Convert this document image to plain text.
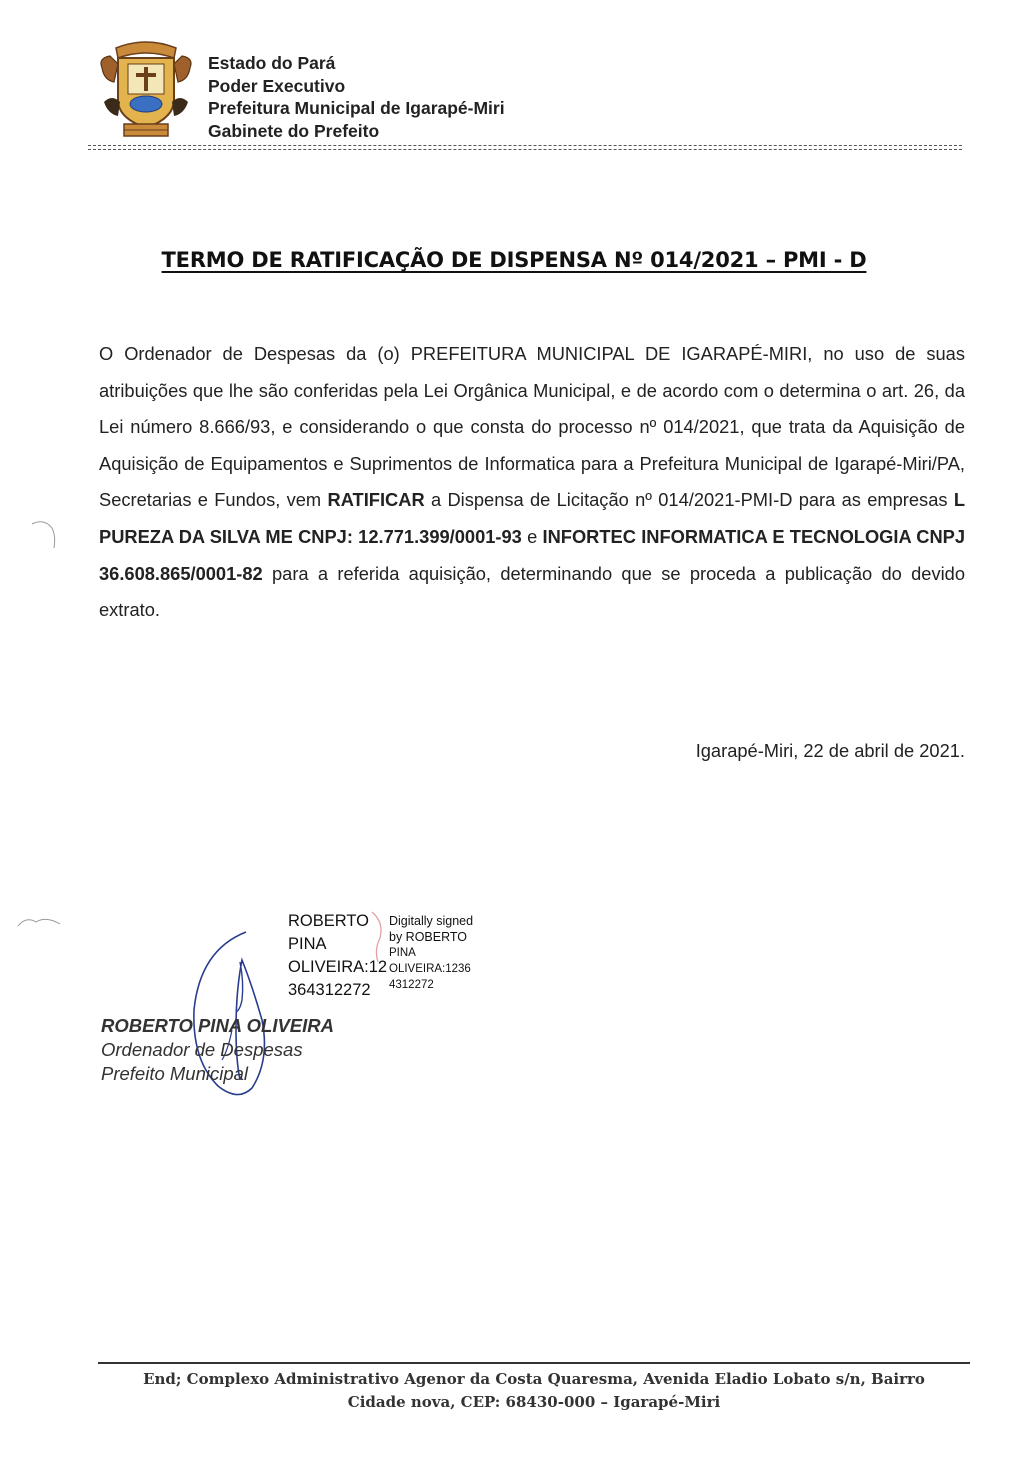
Estado do Pará
Poder Executivo
Prefeitura Municipal de Igarapé-Miri
Gabinete do Prefeito
TERMO DE RATIFICAÇÃO DE DISPENSA Nº 014/2021 – PMI - D
O Ordenador de Despesas da (o) PREFEITURA MUNICIPAL DE IGARAPÉ-MIRI, no uso de suas atribuições que lhe são conferidas pela Lei Orgânica Municipal, e de acordo com o determina o art. 26, da Lei número 8.666/93, e considerando o que consta do processo nº 014/2021, que trata da Aquisição de Aquisição de Equipamentos e Suprimentos de Informatica para a Prefeitura Municipal de Igarapé-Miri/PA, Secretarias e Fundos, vem RATIFICAR a Dispensa de Licitação nº 014/2021-PMI-D para as empresas L PUREZA DA SILVA ME CNPJ: 12.771.399/0001-93 e INFORTEC INFORMATICA E TECNOLOGIA CNPJ 36.608.865/0001-82 para a referida aquisição, determinando que se proceda a publicação do devido extrato.
Igarapé-Miri, 22 de abril de 2021.
ROBERTO
PINA
OLIVEIRA:12
364312272
Digitally signed
by ROBERTO
PINA
OLIVEIRA:1236
4312272
ROBERTO PINA OLIVEIRA
Ordenador de Despesas
Prefeito Municipal
End; Complexo Administrativo Agenor da Costa Quaresma, Avenida Eladio Lobato s/n, Bairro
Cidade nova, CEP: 68430-000 – Igarapé-Miri
